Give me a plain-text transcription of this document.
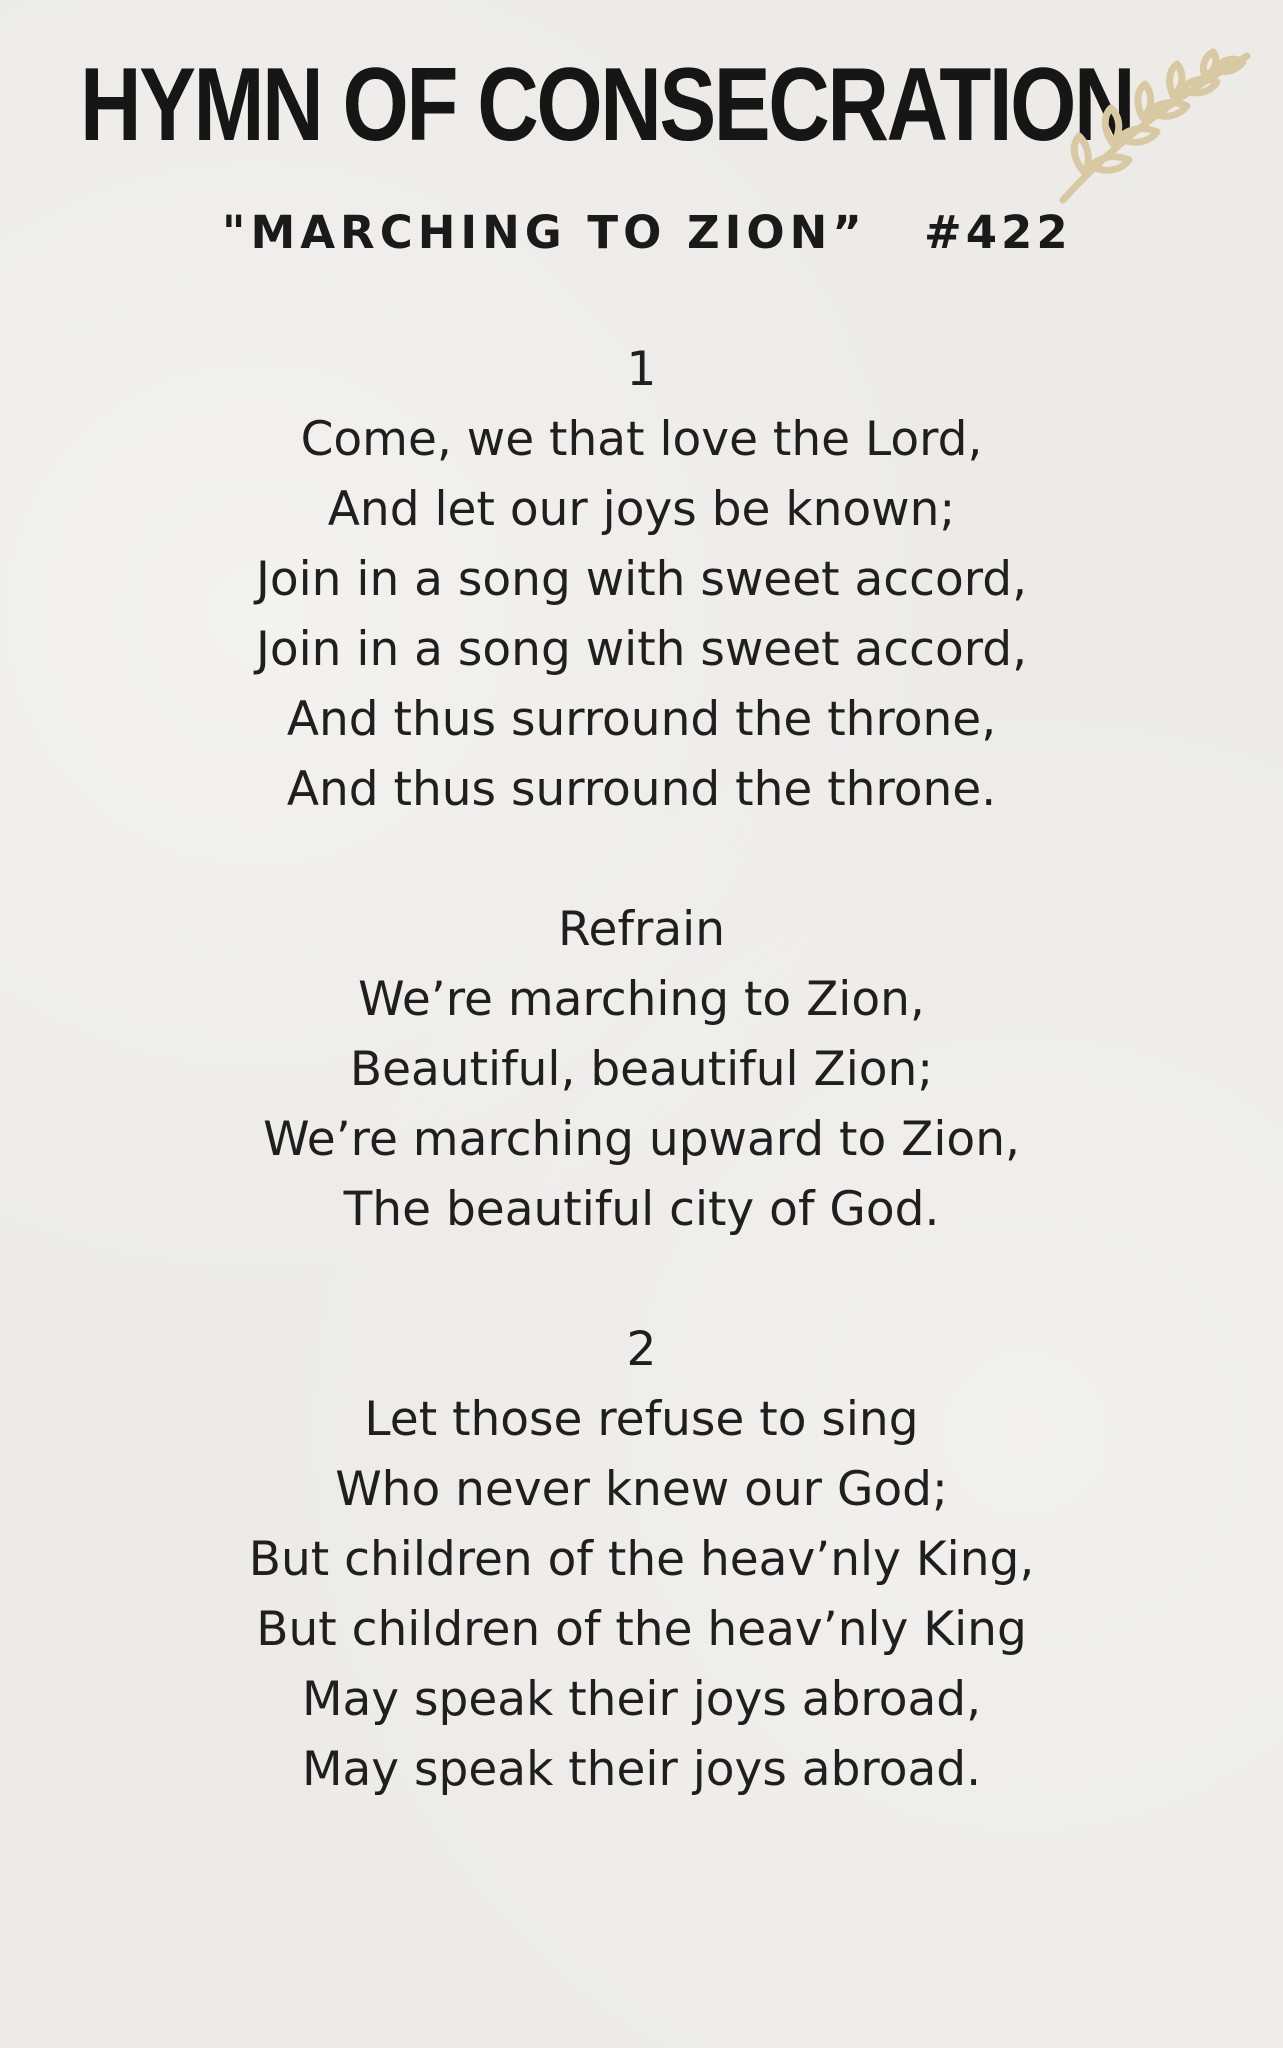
HYMN OF CONSECRATION
"MARCHING TO ZION” #422
1
Come, we that love the Lord,
And let our joys be known;
Join in a song with sweet accord,
Join in a song with sweet accord,
And thus surround the throne,
And thus surround the throne.
Refrain
We’re marching to Zion,
Beautiful, beautiful Zion;
We’re marching upward to Zion,
The beautiful city of God.
2
Let those refuse to sing
Who never knew our God;
But children of the heav’nly King,
But children of the heav’nly King
May speak their joys abroad,
May speak their joys abroad.
